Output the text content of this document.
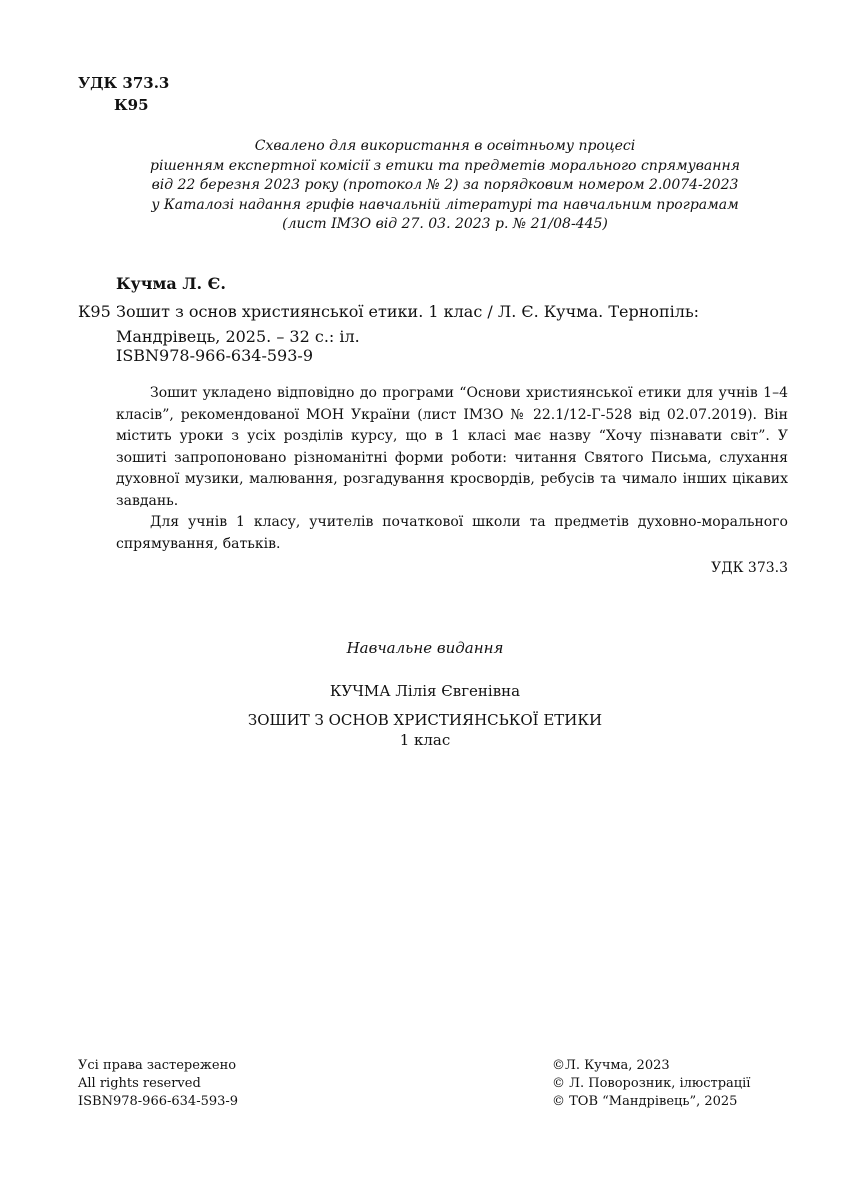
УДК 373.3
К95
Схвалено для використання в освітньому процесі
рішенням експертної комісії з етики та предметів морального спрямування
від 22 березня 2023 року (протокол № 2) за порядковим номером 2.0074-2023
у Каталозі надання грифів навчальній літературі та навчальним програмам
(лист ІМЗО від 27. 03. 2023 р. № 21/08-445)
Кучма Л. Є.
К95 Зошит з основ християнської етики. 1 клас / Л. Є. Кучма. Тернопіль:
Мандрівець, 2025. – 32 с.: іл.
ISBN978-966-634-593-9

Зошит укладено відповідно до програми “Основи християнської етики для учнів 1–4 класів”, рекомендованої МОН України (лист ІМЗО № 22.1/12-Г-528 від 02.07.2019). Він містить уроки з усіх розділів курсу, що в 1 класі має назву “Хочу пізнавати світ”. У зошиті запропоновано різноманітні форми роботи: читання Святого Письма, слухання духовної музики, малювання, розгадування кросвордів, ребусів та чимало інших цікавих завдань.

Для учнів 1 класу, учителів початкової школи та предметів духовно-морального спрямування, батьків.

УДК 373.3
Навчальне видання
КУЧМА Лілія Євгенівна
ЗОШИТ З ОСНОВ ХРИСТИЯНСЬКОЇ ЕТИКИ
1 клас
Усі права застережено
All rights reserved
ISBN978-966-634-593-9
©Л. Кучма, 2023
© Л. Поворозник, ілюстрації
© ТОВ “Мандрівець”, 2025
